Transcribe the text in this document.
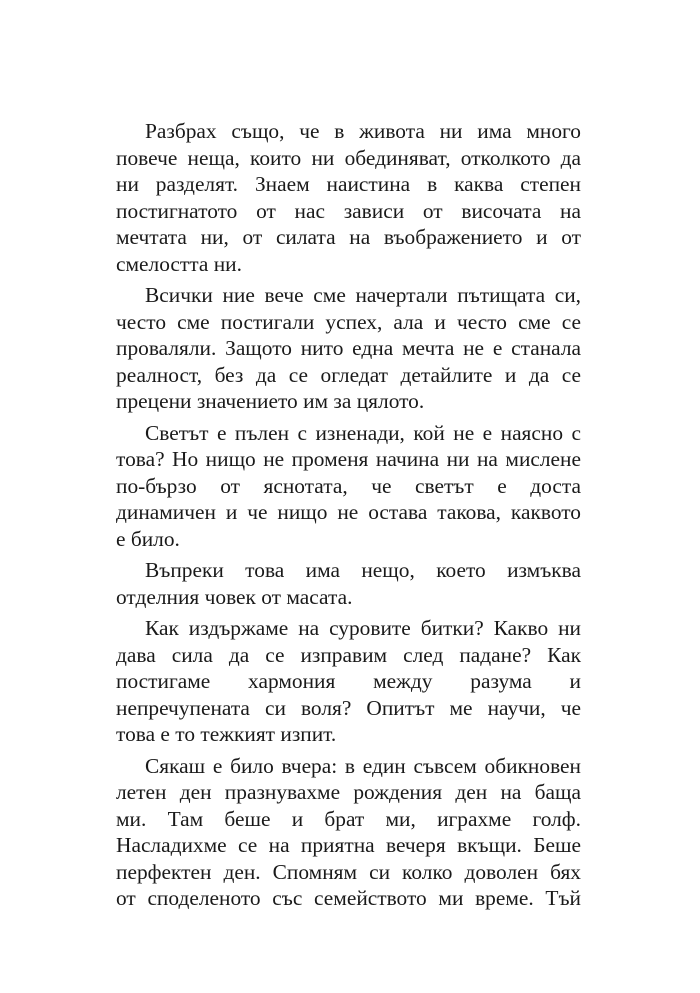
Разбрах също, че в живота ни има много
повече неща, които ни обединяват, отколкото да
ни разделят. Знаем наистина в каква степен
постигнатото от нас зависи от височата на
мечтата ни, от силата на въображението и от
смелостта ни.
Всички ние вече сме начертали пътищата си,
често сме постигали успех, ала и често сме се
проваляли. Защото нито една мечта не е станала
реалност, без да се огледат детайлите и да се
прецени значението им за цялото.
Светът е пълен с изненади, кой не е наясно с
това? Но нищо не променя начина ни на мислене
по-бързо от яснотата, че светът е доста
динамичен и че нищо не остава такова, каквото
е било.
Въпреки това има нещо, което измъква
отделния човек от масата.
Как издържаме на суровите битки? Какво ни
дава сила да се изправим след падане? Как
постигаме хармония между разума и
непречупената си воля? Опитът ме научи, че
това е то тежкият изпит.
Сякаш е било вчера: в един съвсем обикновен
летен ден празнувахме рождения ден на баща
ми. Там беше и брат ми, играхме голф.
Насладихме се на приятна вечеря вкъщи. Беше
перфектен ден. Спомням си колко доволен бях
от споделеното със семейството ми време. Тъй
